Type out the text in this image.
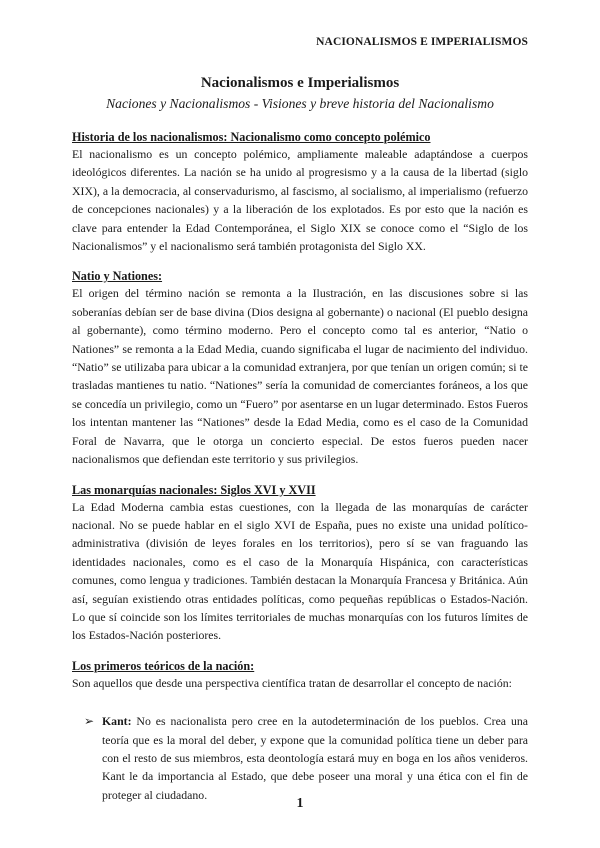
NACIONALISMOS E IMPERIALISMOS
Nacionalismos e Imperialismos

Naciones y Nacionalismos - Visiones y breve historia del Nacionalismo

Historia de los nacionalismos: Nacionalismo como concepto polémico

El nacionalismo es un concepto polémico, ampliamente maleable adaptándose a cuerpos ideológicos diferentes. La nación se ha unido al progresismo y a la causa de la libertad (siglo XIX), a la democracia, al conservadurismo, al fascismo, al socialismo, al imperialismo (refuerzo de concepciones nacionales) y a la liberación de los explotados. Es por esto que la nación es clave para entender la Edad Contemporánea, el Siglo XIX se conoce como el “Siglo de los Nacionalismos” y el nacionalismo será también protagonista del Siglo XX.

Natio y Nationes:

El origen del término nación se remonta a la Ilustración, en las discusiones sobre si las soberanías debían ser de base divina (Dios designa al gobernante) o nacional (El pueblo designa al gobernante), como término moderno. Pero el concepto como tal es anterior, “Natio o Nationes” se remonta a la Edad Media, cuando significaba el lugar de nacimiento del individuo. “Natio” se utilizaba para ubicar a la comunidad extranjera, por que tenían un origen común; si te trasladas mantienes tu natio. “Nationes” sería la comunidad de comerciantes foráneos, a los que se concedía un privilegio, como un “Fuero” por asentarse en un lugar determinado. Estos Fueros los intentan mantener las “Nationes” desde la Edad Media, como es el caso de la Comunidad Foral de Navarra, que le otorga un concierto especial. De estos fueros pueden nacer nacionalismos que defiendan este territorio y sus privilegios.

Las monarquías nacionales: Siglos XVI y XVII

La Edad Moderna cambia estas cuestiones, con la llegada de las monarquías de carácter nacional. No se puede hablar en el siglo XVI de España, pues no existe una unidad político-administrativa (división de leyes forales en los territorios), pero sí se van fraguando las identidades nacionales, como es el caso de la Monarquía Hispánica, con características comunes, como lengua y tradiciones. También destacan la Monarquía Francesa y Británica. Aún así, seguían existiendo otras entidades políticas, como pequeñas repúblicas o Estados-Nación. Lo que sí coincide son los límites territoriales de muchas monarquías con los futuros límites de los Estados-Nación posteriores.

Los primeros teóricos de la nación:

Son aquellos que desde una perspectiva científica tratan de desarrollar el concepto de nación:

➢ Kant: No es nacionalista pero cree en la autodeterminación de los pueblos. Crea una teoría que es la moral del deber, y expone que la comunidad política tiene un deber para con el resto de sus miembros, esta deontología estará muy en boga en los años venideros. Kant le da importancia al Estado, que debe poseer una moral y una ética con el fin de proteger al ciudadano.

1
